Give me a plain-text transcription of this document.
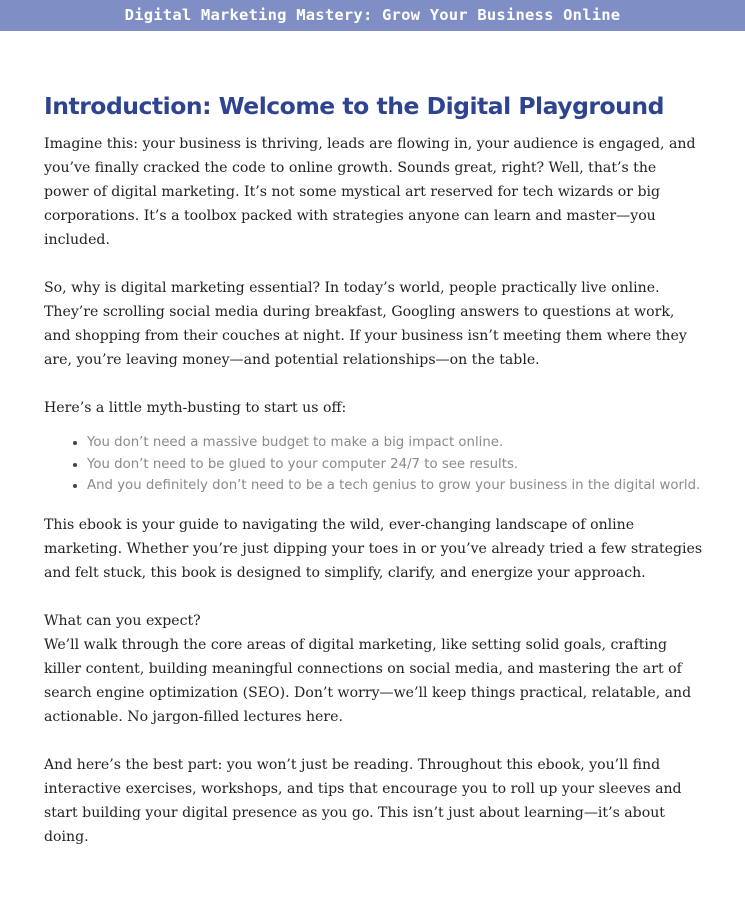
Digital Marketing Mastery: Grow Your Business Online
Introduction: Welcome to the Digital Playground

Imagine this: your business is thriving, leads are flowing in, your audience is engaged, and you’ve finally cracked the code to online growth. Sounds great, right? Well, that’s the power of digital marketing. It’s not some mystical art reserved for tech wizards or big corporations. It’s a toolbox packed with strategies anyone can learn and master—you included.

So, why is digital marketing essential? In today’s world, people practically live online. They’re scrolling social media during breakfast, Googling answers to questions at work, and shopping from their couches at night. If your business isn’t meeting them where they are, you’re leaving money—and potential relationships—on the table.

Here’s a little myth-busting to start us off:

• You don’t need a massive budget to make a big impact online.
• You don’t need to be glued to your computer 24/7 to see results.
• And you definitely don’t need to be a tech genius to grow your business in the digital world.

This ebook is your guide to navigating the wild, ever-changing landscape of online marketing. Whether you’re just dipping your toes in or you’ve already tried a few strategies and felt stuck, this book is designed to simplify, clarify, and energize your approach.

What can you expect?

We’ll walk through the core areas of digital marketing, like setting solid goals, crafting killer content, building meaningful connections on social media, and mastering the art of search engine optimization (SEO). Don’t worry—we’ll keep things practical, relatable, and actionable. No jargon-filled lectures here.

And here’s the best part: you won’t just be reading. Throughout this ebook, you’ll find interactive exercises, workshops, and tips that encourage you to roll up your sleeves and start building your digital presence as you go. This isn’t just about learning—it’s about doing.
